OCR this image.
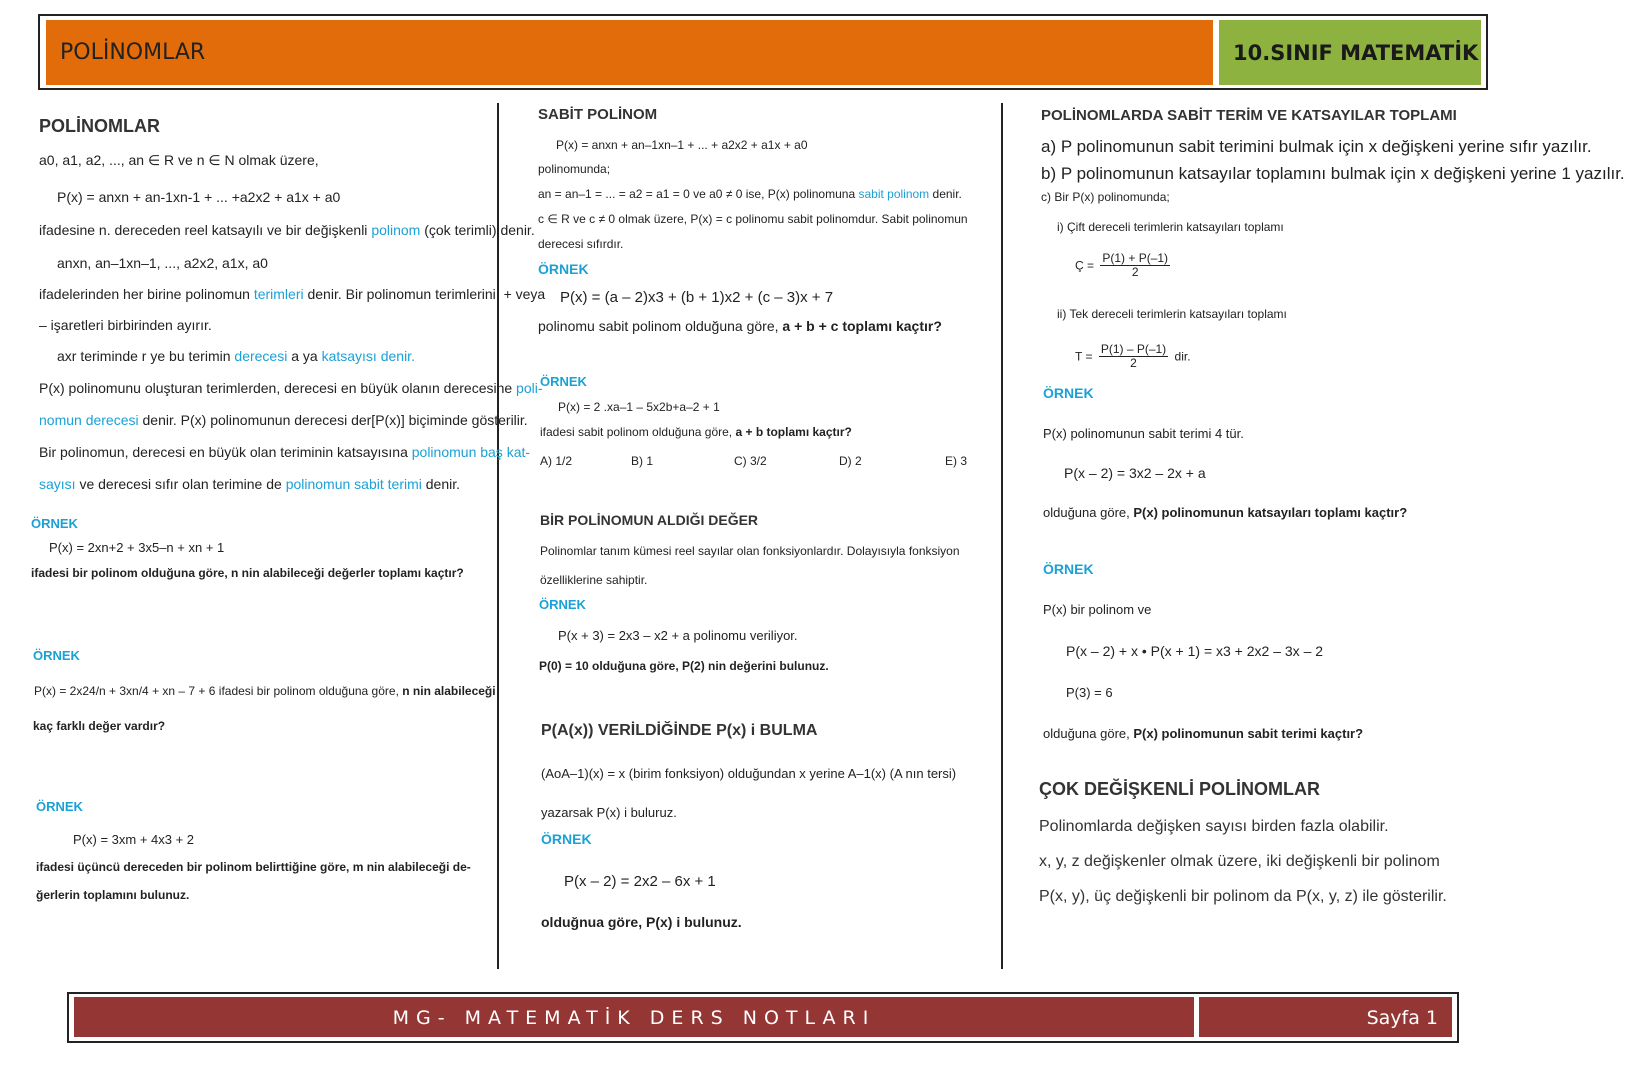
POLİNOMLAR	10.SINIF MATEMATİK
POLİNOMLAR
a0, a1, a2, ..., an ∈ R ve n ∈ N olmak üzere,
P(x) = anxn + an-1xn-1 + ... +a2x2 + a1x + a0
ifadesine n. dereceden reel katsayılı ve bir değişkenli polinom (çok terimli) denir.
anxn, an–1xn–1, ..., a2x2, a1x, a0
ifadelerinden her birine polinomun terimleri denir. Bir polinomun terimlerini, + veya
– işaretleri birbirinden ayırır.
axr teriminde r ye bu terimin derecesi a ya katsayısı denir.
P(x) polinomunu oluşturan terimlerden, derecesi en büyük olanın derecesine poli-
nomun derecesi denir. P(x) polinomunun derecesi der[P(x)] biçiminde gösterilir.
Bir polinomun, derecesi en büyük olan teriminin katsayısına polinomun baş kat-
sayısı ve derecesi sıfır olan terimine de polinomun sabit terimi denir.
ÖRNEK
P(x) = 2xn+2 + 3x5–n + xn + 1
ifadesi bir polinom olduğuna göre, n nin alabileceği değerler toplamı kaçtır?
ÖRNEK
P(x) = 2x24/n + 3xn/4 + xn – 7 + 6 ifadesi bir polinom olduğuna göre, n nin alabileceği
kaç farklı değer vardır?
ÖRNEK
P(x) = 3xm + 4x3 + 2
ifadesi üçüncü dereceden bir polinom belirttiğine göre, m nin alabileceği de-
ğerlerin toplamını bulunuz.
SABİT POLİNOM
P(x) = anxn + an–1xn–1 + ... + a2x2 + a1x + a0
polinomunda;
an = an–1 = ... = a2 = a1 = 0 ve a0 ≠ 0 ise, P(x) polinomuna sabit polinom denir.
c ∈ R ve c ≠ 0 olmak üzere, P(x) = c polinomu sabit polinomdur. Sabit polinomun
derecesi sıfırdır.
ÖRNEK
P(x) = (a – 2)x3 + (b + 1)x2 + (c – 3)x + 7
polinomu sabit polinom olduğuna göre, a + b + c toplamı kaçtır?
ÖRNEK
P(x) = 2 .xa–1 – 5x2b+a–2 + 1
ifadesi sabit polinom olduğuna göre, a + b toplamı kaçtır?
A) 1/2	B) 1	C) 3/2	D) 2	E) 3
BİR POLİNOMUN ALDIĞI DEĞER
Polinomlar tanım kümesi reel sayılar olan fonksiyonlardır. Dolayısıyla fonksiyon
özelliklerine sahiptir.
ÖRNEK
P(x + 3) = 2x3 – x2 + a polinomu veriliyor.
P(0) = 10 olduğuna göre, P(2) nin değerini bulunuz.
P(A(x)) VERİLDİĞİNDE P(x) i BULMA
(AoA–1)(x) = x (birim fonksiyon) olduğundan x yerine A–1(x) (A nın tersi)
yazarsak P(x) i buluruz.
ÖRNEK
P(x – 2) = 2x2 – 6x + 1
olduğnua göre, P(x) i bulunuz.
POLİNOMLARDA SABİT TERİM VE KATSAYILAR TOPLAMI
a) P polinomunun sabit terimini bulmak için x değişkeni yerine sıfır yazılır.
b) P polinomunun katsayılar toplamını bulmak için x değişkeni yerine 1 yazılır.
c) Bir P(x) polinomunda;
i) Çift dereceli terimlerin katsayıları toplamı
Ç = $\frac{P(1) + P(-1)}{2}$
ii) Tek dereceli terimlerin katsayıları toplamı
$T = \frac{P(1) - P(-1)}{2}$ dir.
ÖRNEK
P(x) polinomunun sabit terimi 4 tür.
P(x – 2) = 3x2 – 2x + a
olduğuna göre, P(x) polinomunun katsayıları toplamı kaçtır?
ÖRNEK
P(x) bir polinom ve
P(x – 2) + x • P(x + 1) = x3 + 2x2 – 3x – 2
P(3) = 6
olduğuna göre, P(x) polinomunun sabit terimi kaçtır?
ÇOK DEĞİŞKENLİ POLİNOMLAR
Polinomlarda değişken sayısı birden fazla olabilir.
x, y, z değişkenler olmak üzere, iki değişkenli bir polinom
P(x, y), üç değişkenli bir polinom da P(x, y, z) ile gösterilir.
MG- MATEMATİK DERS NOTLARI	Sayfa 1
